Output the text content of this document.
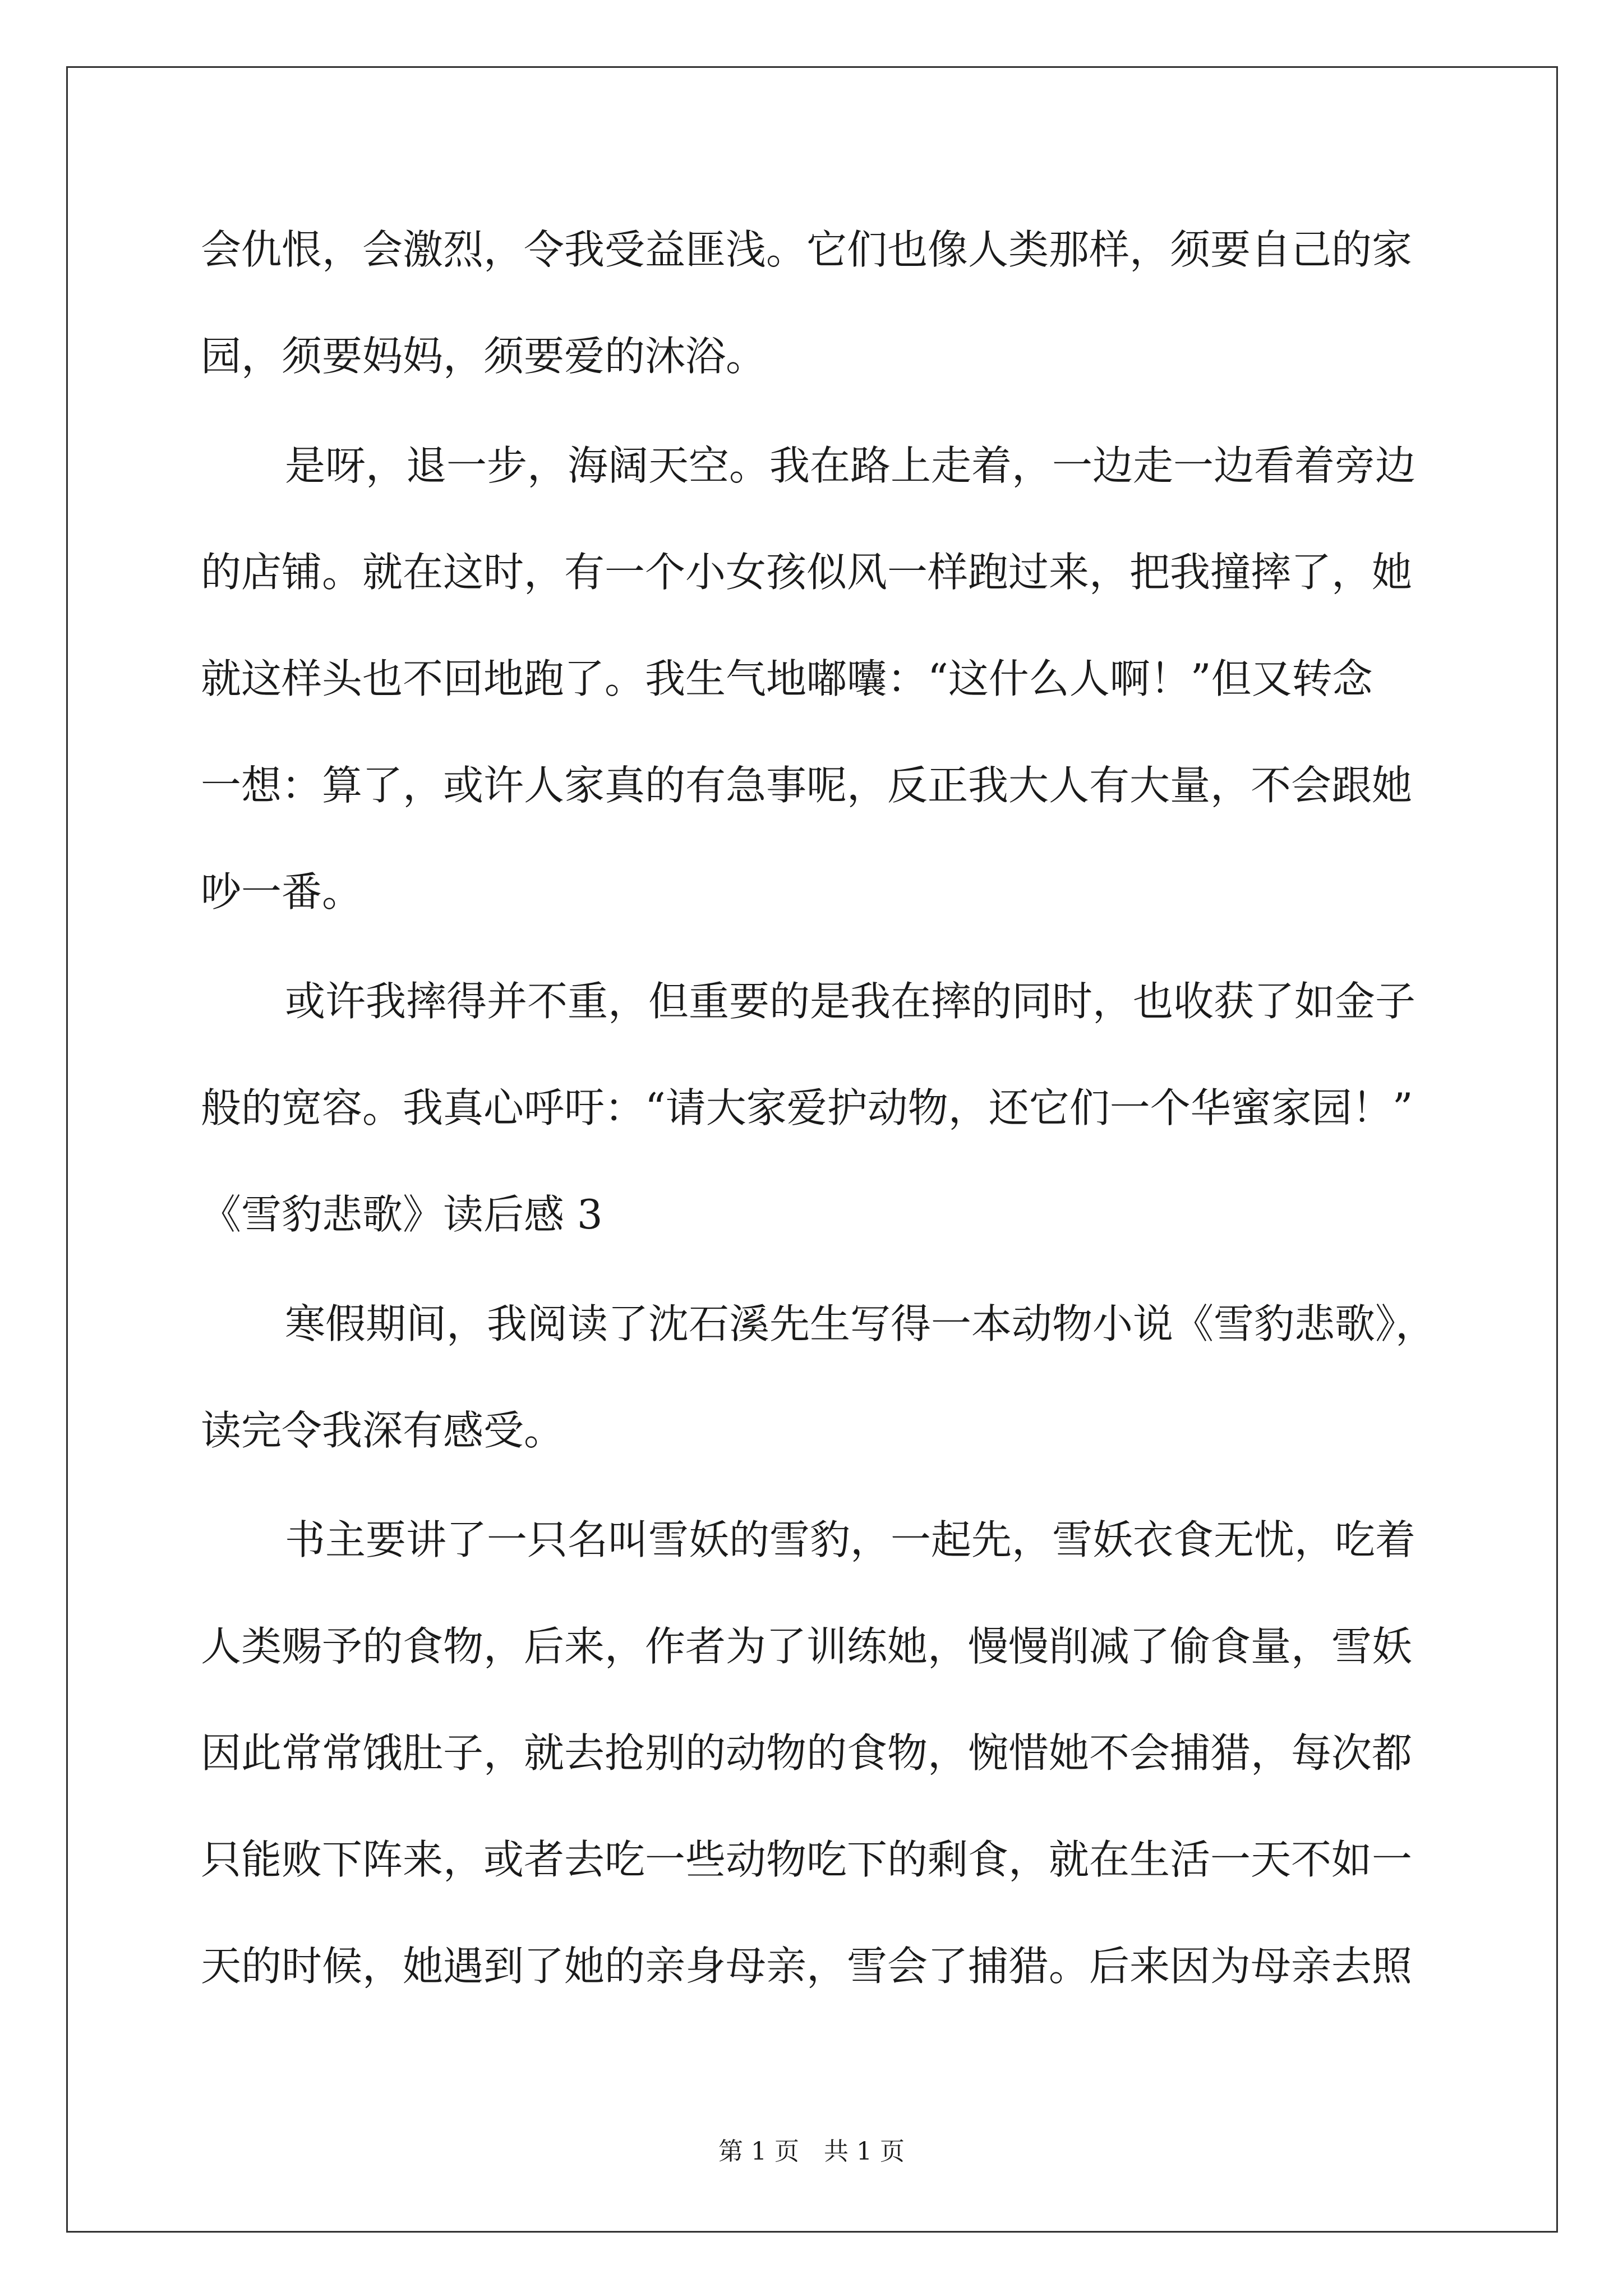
会仇恨，会激烈，令我受益匪浅。它们也像人类那样，须要自己的家
园，须要妈妈，须要爱的沐浴。
是呀，退一步，海阔天空。我在路上走着，一边走一边看着旁边
的店铺。就在这时，有一个小女孩似风一样跑过来，把我撞摔了，她
就这样头也不回地跑了。我生气地嘟囔：“这什么人啊！”但又转念
一想：算了，或许人家真的有急事呢，反正我大人有大量，不会跟她
吵一番。
或许我摔得并不重，但重要的是我在摔的同时，也收获了如金子
般的宽容。我真心呼吁：“请大家爱护动物，还它们一个华蜜家园！”
《雪豹悲歌》读后感 3
寒假期间，我阅读了沈石溪先生写得一本动物小说《雪豹悲歌》，
读完令我深有感受。
书主要讲了一只名叫雪妖的雪豹，一起先，雪妖衣食无忧，吃着
人类赐予的食物，后来，作者为了训练她，慢慢削减了偷食量，雪妖
因此常常饿肚子，就去抢别的动物的食物，惋惜她不会捕猎，每次都
只能败下阵来，或者去吃一些动物吃下的剩食，就在生活一天不如一
天的时候，她遇到了她的亲身母亲，雪会了捕猎。后来因为母亲去照
第 1 页　共 1 页
